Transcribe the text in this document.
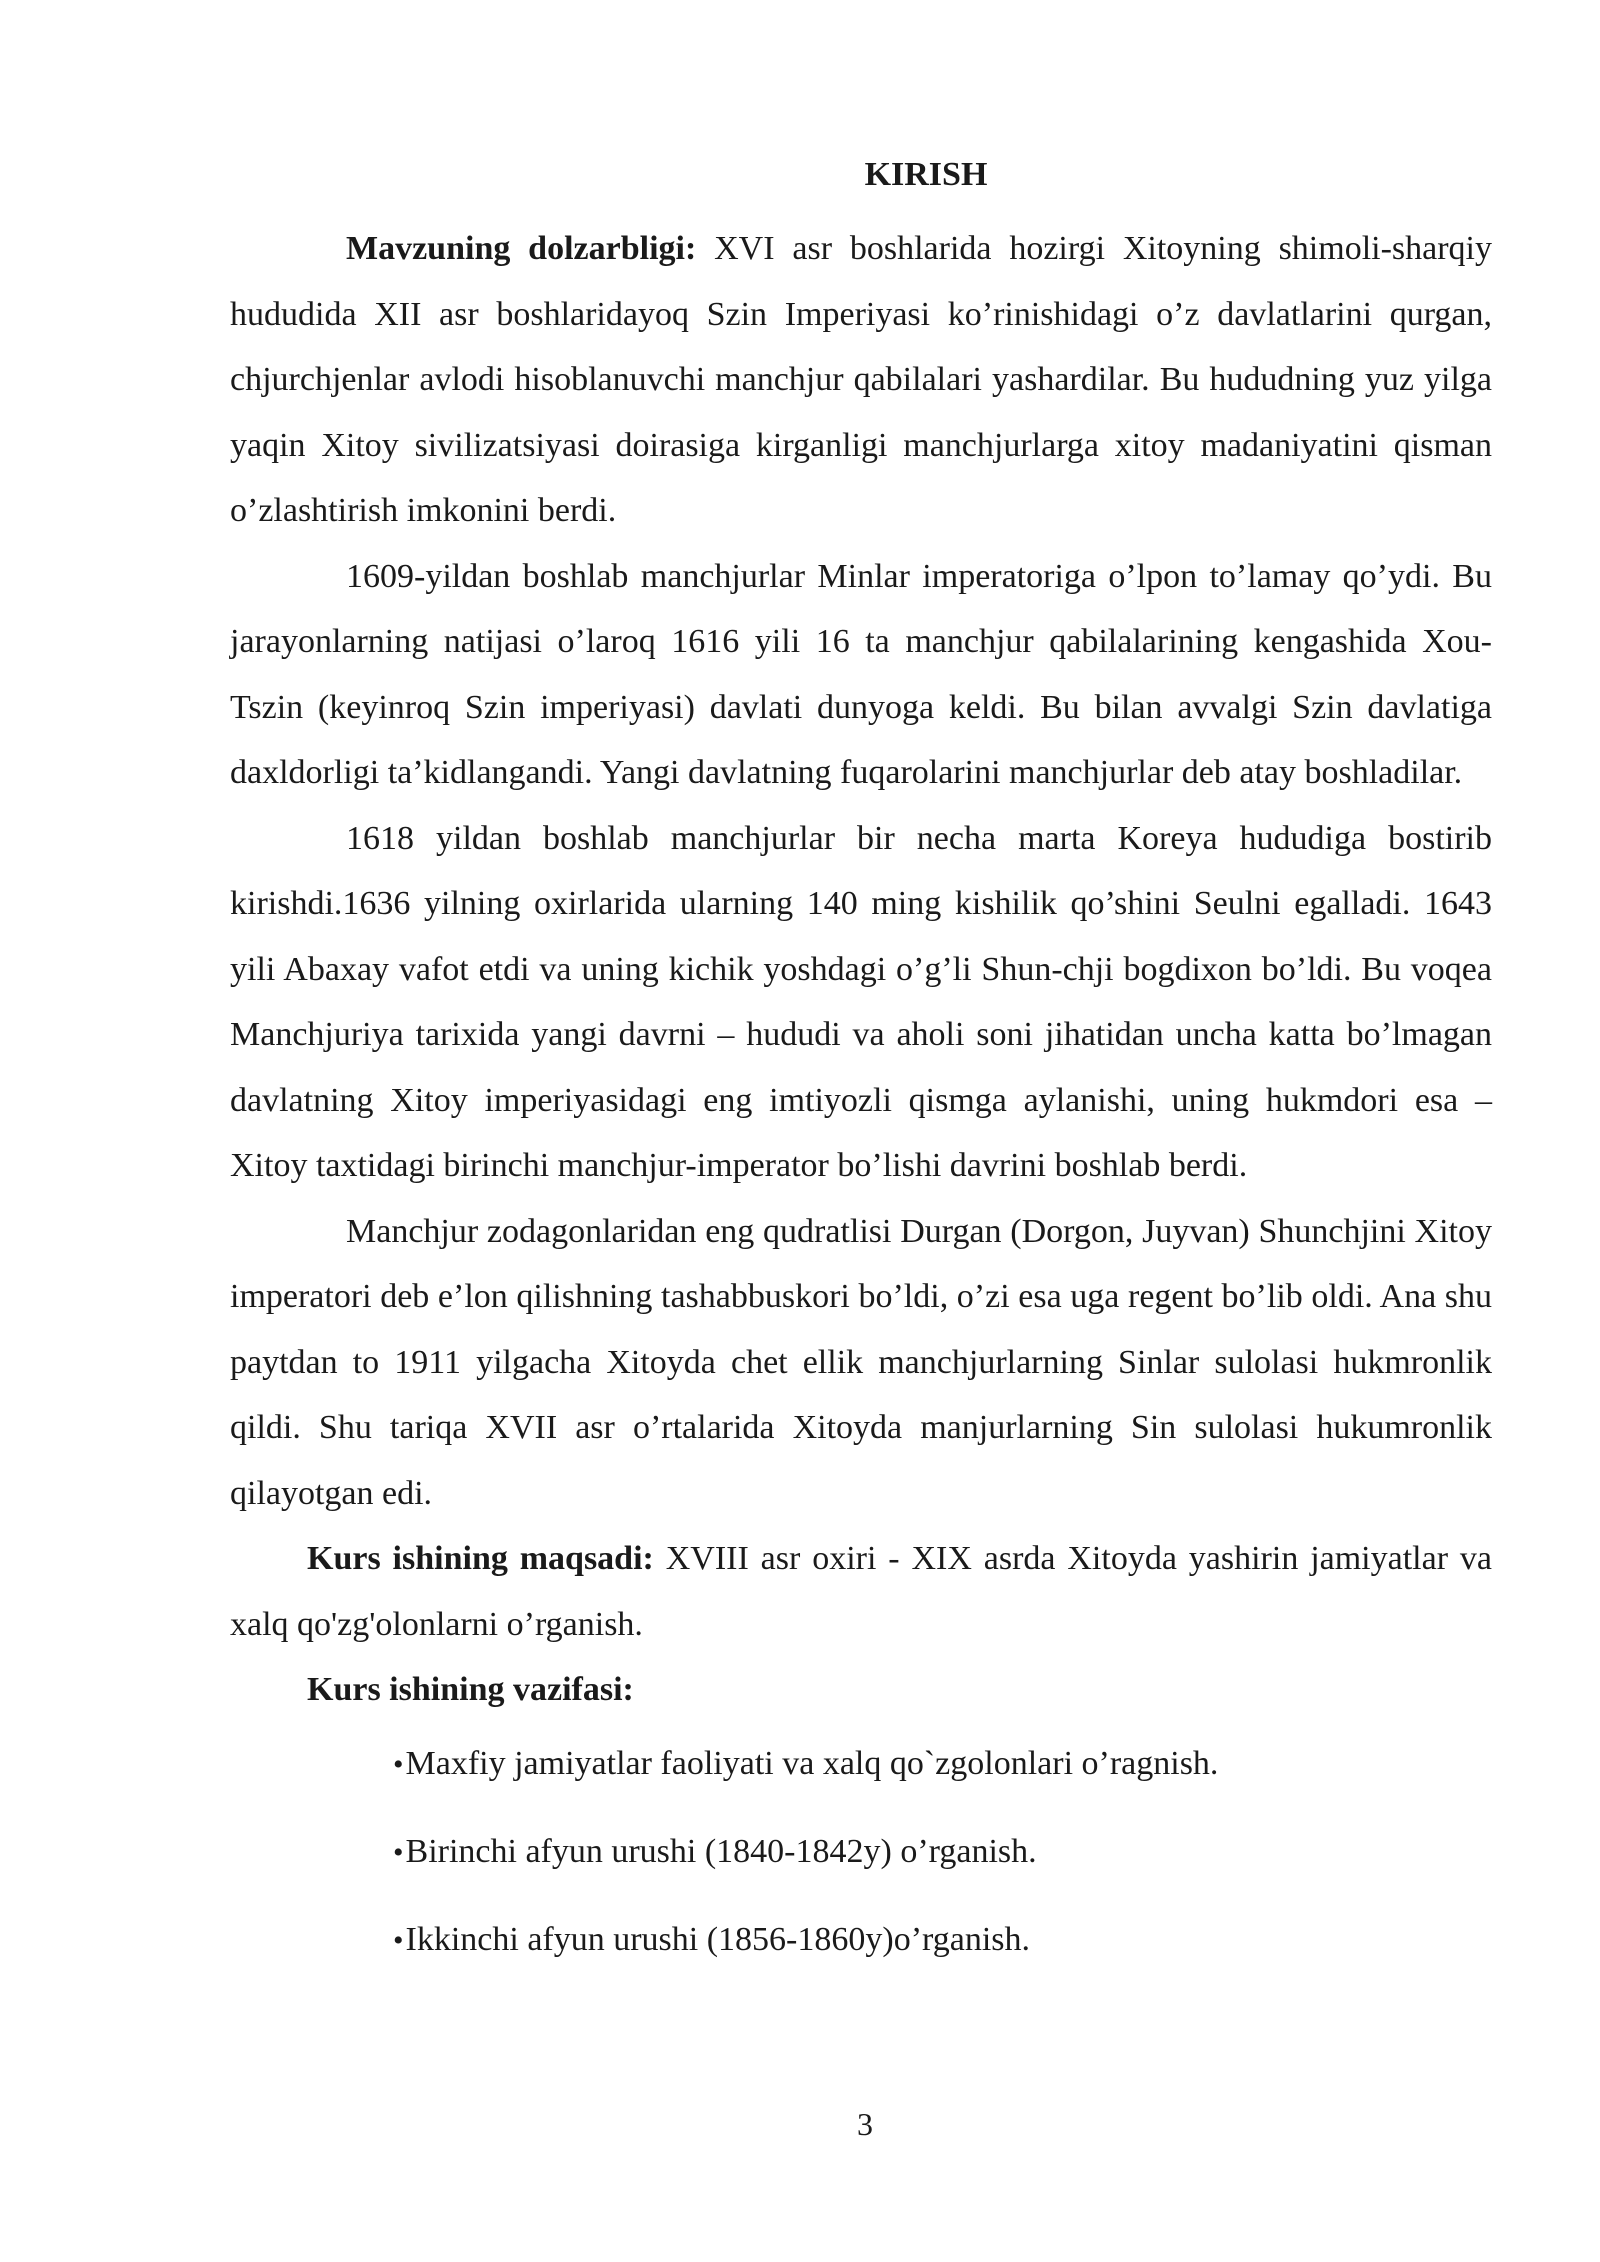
KIRISH

Mavzuning dolzarbligi: XVI asr boshlarida hozirgi Xitoyning shimoli-sharqiy hududida XII asr boshlaridayoq Szin Imperiyasi ko’rinishidagi o’z davlatlarini qurgan, chjurchjenlar avlodi hisoblanuvchi manchjur qabilalari yashardilar. Bu hududning yuz yilga yaqin Xitoy sivilizatsiyasi doirasiga kirganligi manchjurlarga xitoy madaniyatini qisman o’zlashtirish imkonini berdi.

1609-yildan boshlab manchjurlar Minlar imperatoriga o’lpon to’lamay qo’ydi. Bu jarayonlarning natijasi o’laroq 1616 yili 16 ta manchjur qabilalarining kengashida Xou-Tszin (keyinroq Szin imperiyasi) davlati dunyoga keldi. Bu bilan avvalgi Szin davlatiga daxldorligi ta’kidlangandi. Yangi davlatning fuqarolarini manchjurlar deb atay boshladilar.

1618 yildan boshlab manchjurlar bir necha marta Koreya hududiga bostirib kirishdi.1636 yilning oxirlarida ularning 140 ming kishilik qo’shini Seulni egalladi. 1643 yili Abaxay vafot etdi va uning kichik yoshdagi o’g’li Shun-chji bogdixon bo’ldi. Bu voqea Manchjuriya tarixida yangi davrni – hududi va aholi soni jihatidan uncha katta bo’lmagan davlatning Xitoy imperiyasidagi eng imtiyozli qismga aylanishi, uning hukmdori esa – Xitoy taxtidagi birinchi manchjur-imperator bo’lishi davrini boshlab berdi.

Manchjur zodagonlaridan eng qudratlisi Durgan (Dorgon, Juyvan) Shunchjini Xitoy imperatori deb e’lon qilishning tashabbuskori bo’ldi, o’zi esa uga regent bo’lib oldi. Ana shu paytdan to 1911 yilgacha Xitoyda chet ellik manchjurlarning Sinlar sulolasi hukmronlik qildi. Shu tariqa XVII asr o’rtalarida Xitoyda manjurlarning Sin sulolasi hukumronlik qilayotgan edi.

Kurs ishining maqsadi: XVIII asr oxiri - XIX asrda Xitoyda yashirin jamiyatlar va xalq qo'zg'olonlarni o’rganish.

Kurs ishining vazifasi:

•Maxfiy jamiyatlar faoliyati va xalq qo`zgolonlari o’ragnish.
•Birinchi afyun urushi (1840-1842y) o’rganish.
•Ikkinchi afyun urushi (1856-1860y)o’rganish.
3
